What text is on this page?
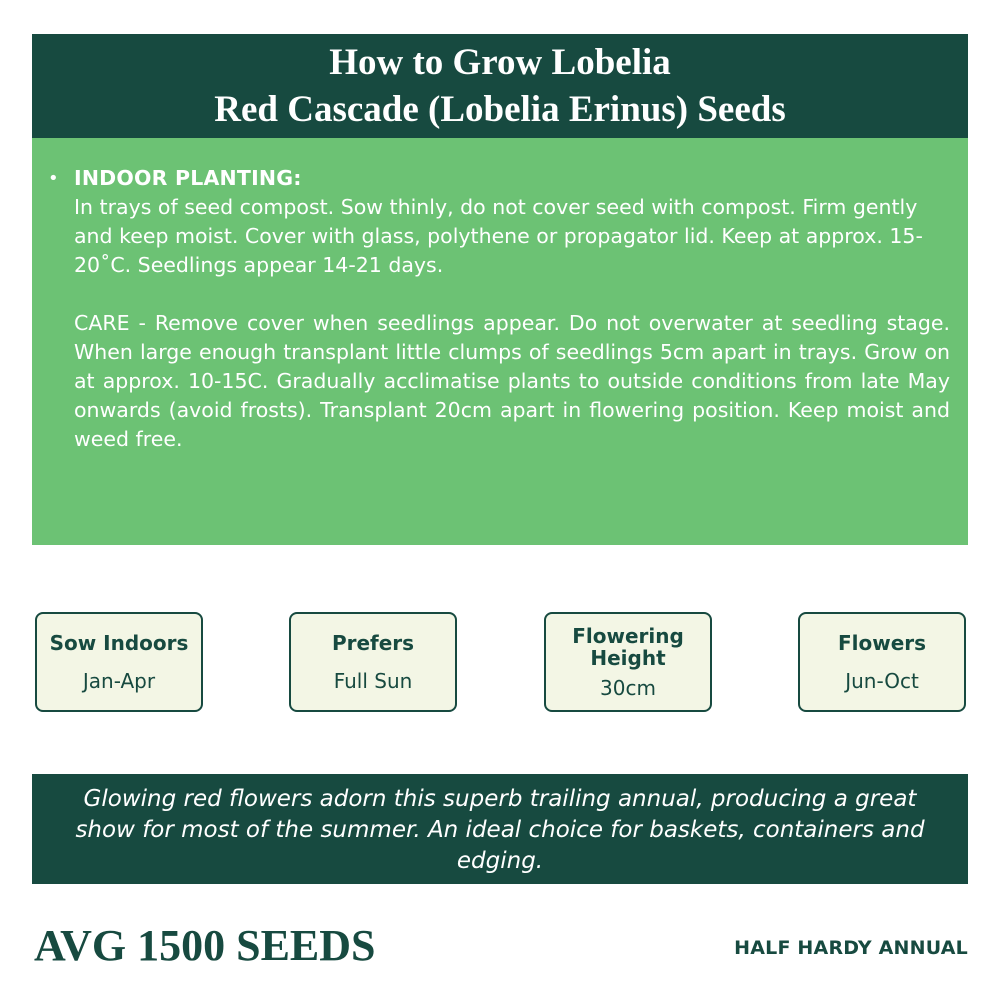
How to Grow Lobelia
Red Cascade (Lobelia Erinus) Seeds
• INDOOR PLANTING:

In trays of seed compost. Sow thinly, do not cover seed with compost. Firm gently and keep moist. Cover with glass, polythene or propagator lid. Keep at approx. 15-20˚C. Seedlings appear 14-21 days.

CARE - Remove cover when seedlings appear. Do not overwater at seedling stage. When large enough transplant little clumps of seedlings 5cm apart in trays. Grow on at approx. 10-15C. Gradually acclimatise plants to outside conditions from late May onwards (avoid frosts). Transplant 20cm apart in flowering position. Keep moist and weed free.

Sow Indoors
Jan-Apr
Prefers
Full Sun
Flowering
Height
30cm
Flowers
Jun-Oct
Glowing red flowers adorn this superb trailing annual, producing a great show for most of the summer. An ideal choice for baskets, containers and edging.
AVG 1500 SEEDS	HALF HARDY ANNUAL
